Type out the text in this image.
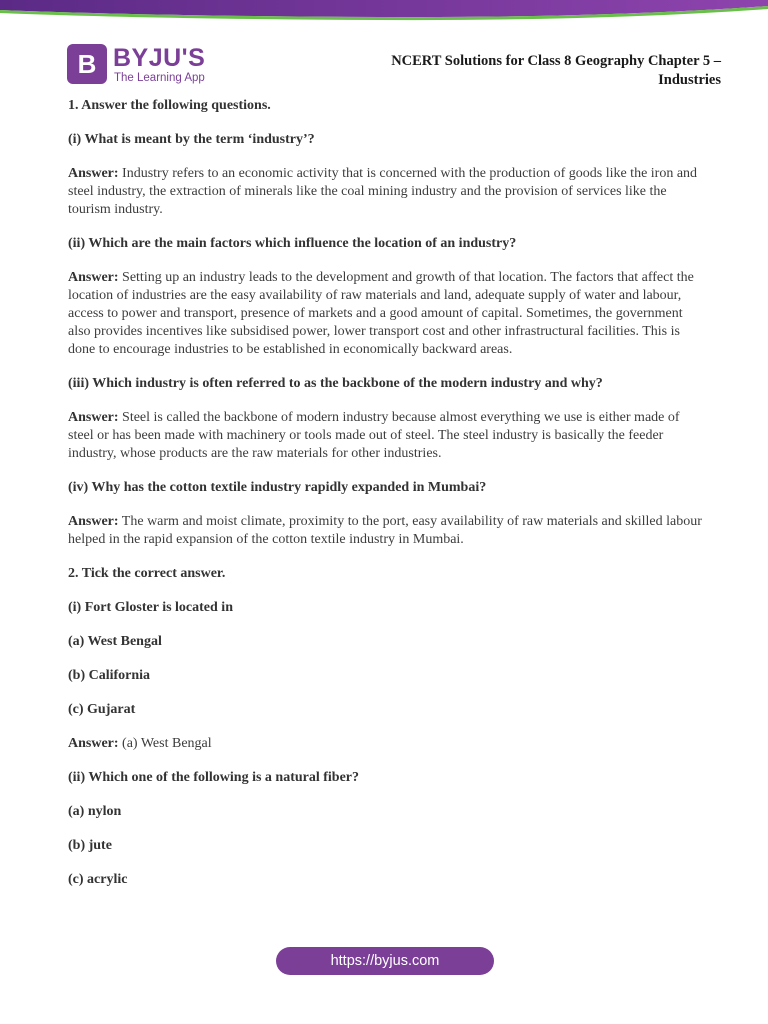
B BYJU'S
The Learning App
NCERT Solutions for Class 8 Geography Chapter 5 –
Industries

1. Answer the following questions.

(i) What is meant by the term ‘industry’?

Answer: Industry refers to an economic activity that is concerned with the production of goods like the iron and steel industry, the extraction of minerals like the coal mining industry and the provision of services like the tourism industry.

(ii) Which are the main factors which influence the location of an industry?

Answer: Setting up an industry leads to the development and growth of that location. The factors that affect the location of industries are the easy availability of raw materials and land, adequate supply of water and labour, access to power and transport, presence of markets and a good amount of capital. Sometimes, the government also provides incentives like subsidised power, lower transport cost and other infrastructural facilities. This is done to encourage industries to be established in economically backward areas.

(iii) Which industry is often referred to as the backbone of the modern industry and why?

Answer: Steel is called the backbone of modern industry because almost everything we use is either made of steel or has been made with machinery or tools made out of steel. The steel industry is basically the feeder industry, whose products are the raw materials for other industries.

(iv) Why has the cotton textile industry rapidly expanded in Mumbai?

Answer: The warm and moist climate, proximity to the port, easy availability of raw materials and skilled labour helped in the rapid expansion of the cotton textile industry in Mumbai.

2. Tick the correct answer.

(i) Fort Gloster is located in

(a) West Bengal

(b) California

(c) Gujarat

Answer: (a) West Bengal

(ii) Which one of the following is a natural fiber?

(a) nylon

(b) jute

(c) acrylic

https://byjus.com
